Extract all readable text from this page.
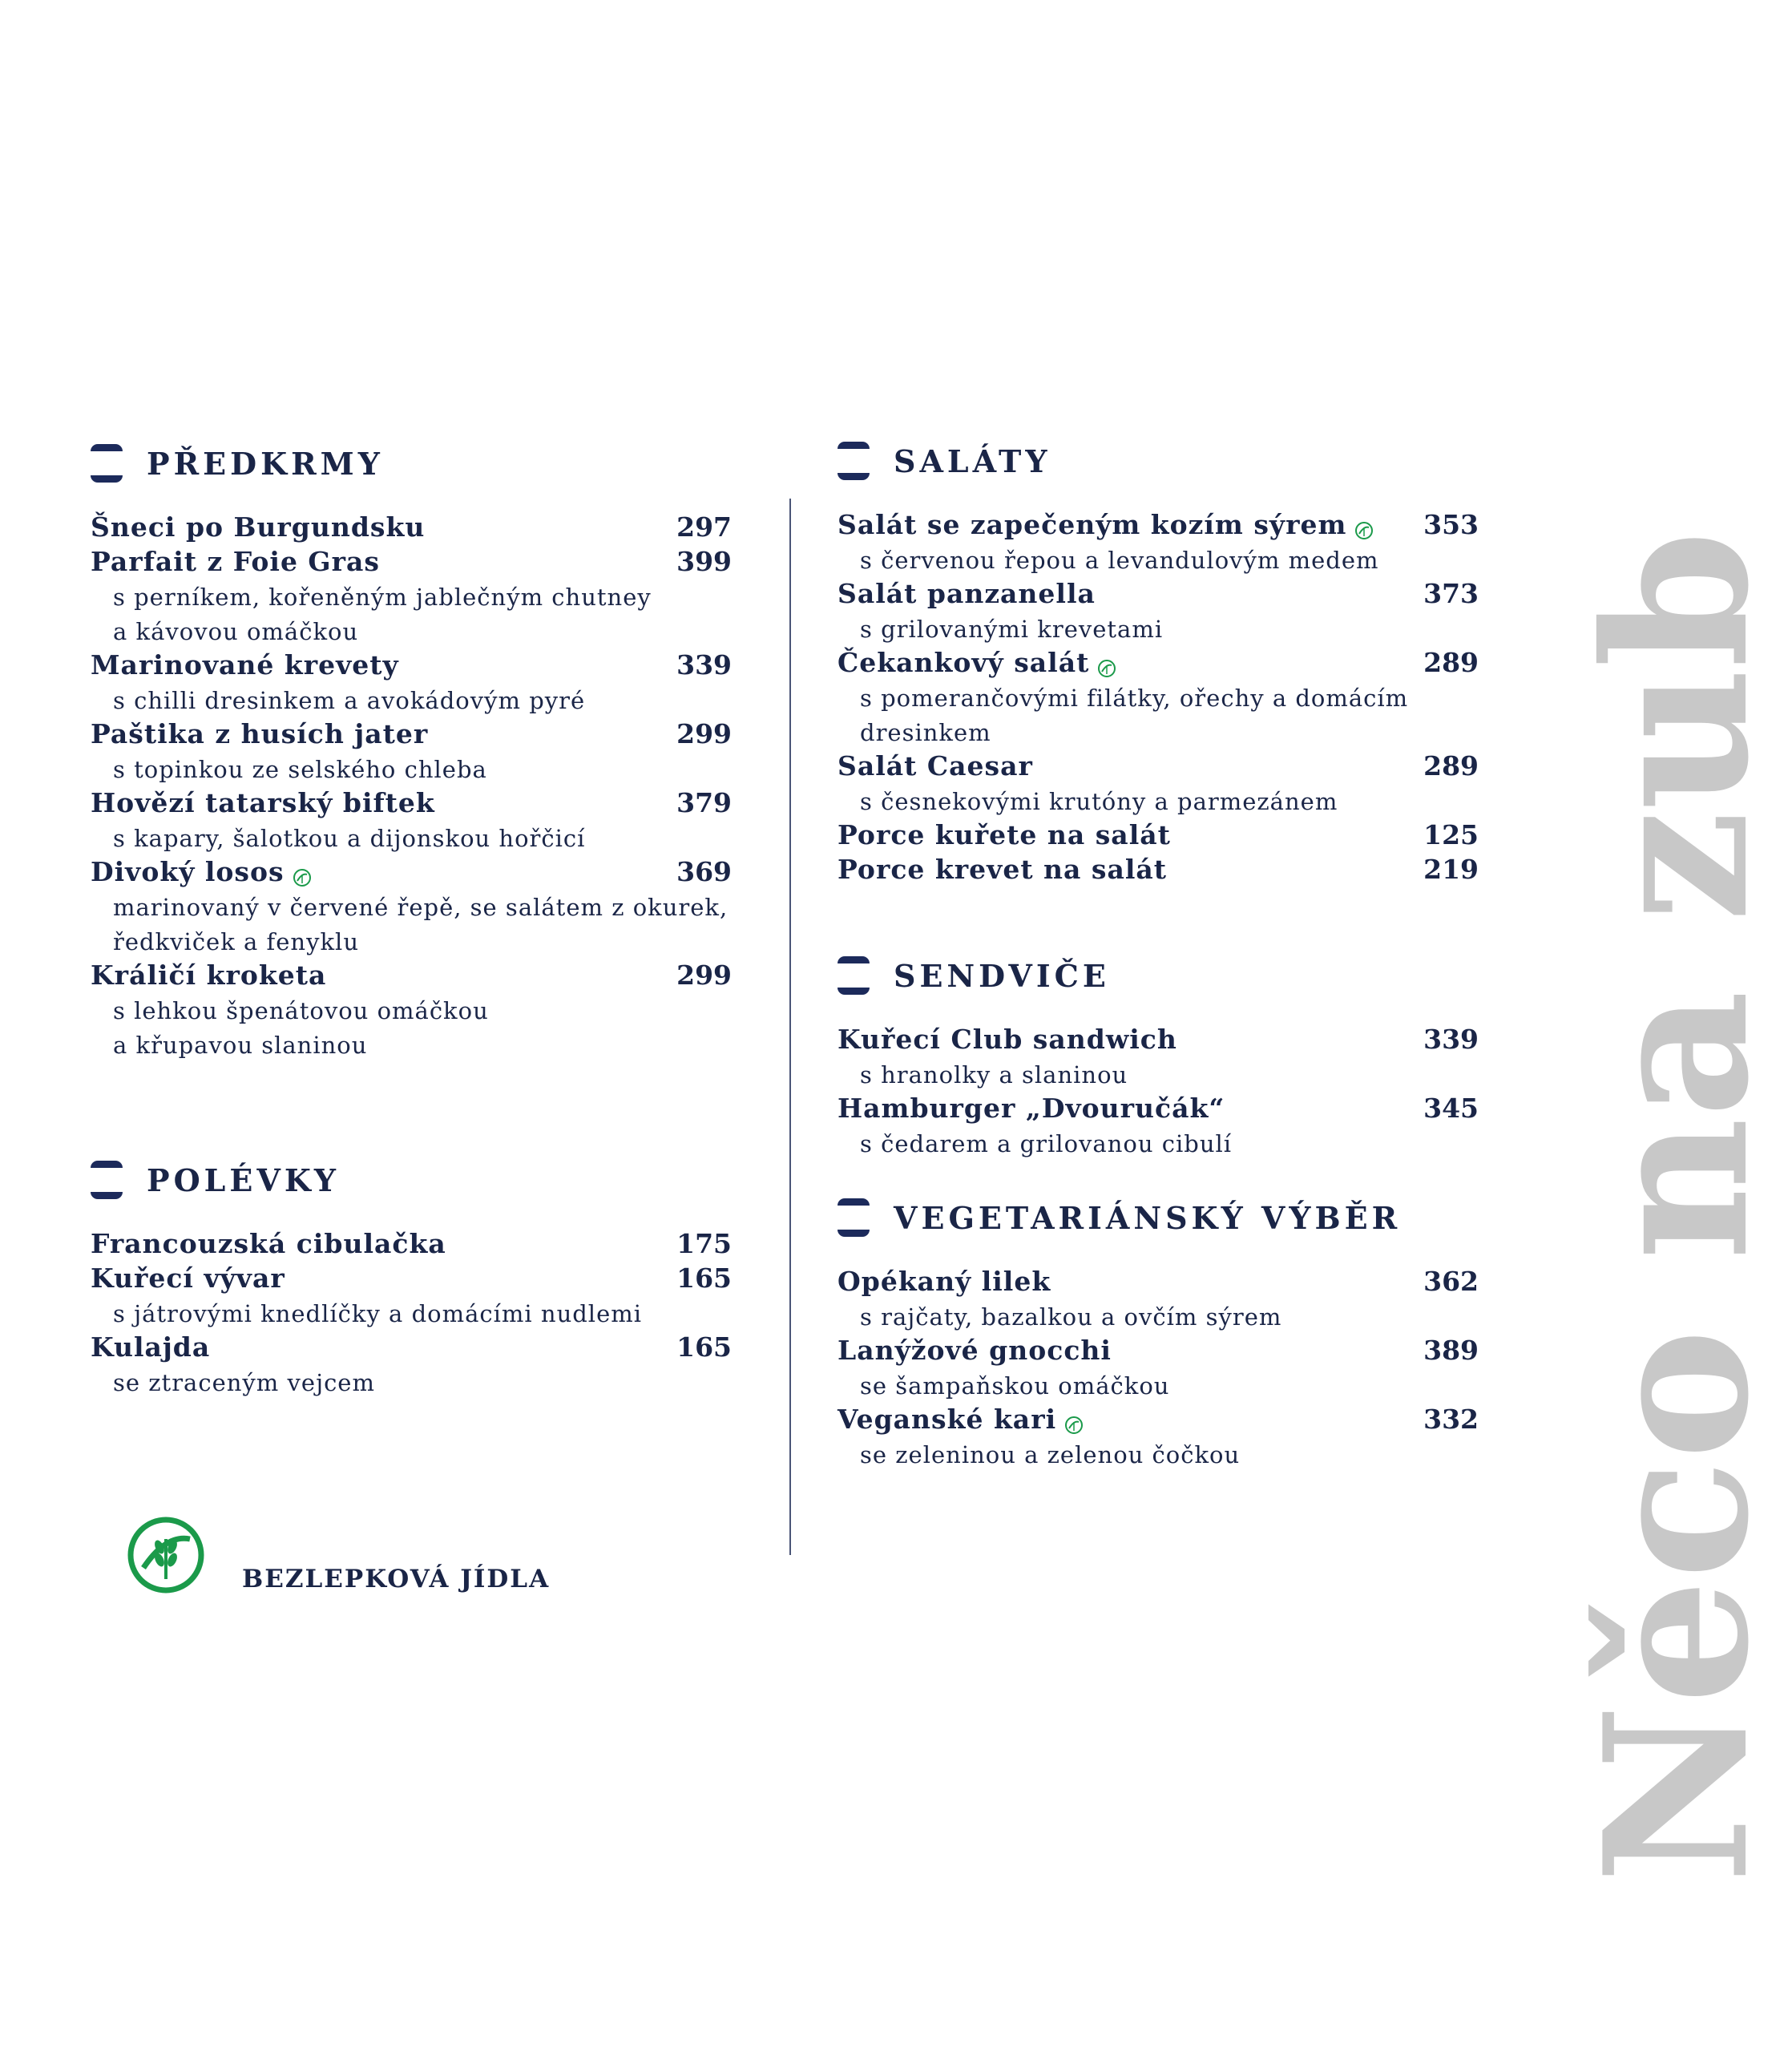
Něco na zub
PŘEDKRMY
Šneci po Burgundsku	297
Parfait z Foie Gras	399
s perníkem, kořeněným jablečným chutney
a kávovou omáčkou
Marinované krevety	339
s chilli dresinkem a avokádovým pyré
Paštika z husích jater	299
s topinkou ze selského chleba
Hovězí tatarský biftek	379
s kapary, šalotkou a dijonskou hořčicí
Divoký losos	369
marinovaný v červené řepě, se salátem z okurek,
ředkviček a fenyklu
Králičí kroketa	299
s lehkou špenátovou omáčkou
a křupavou slaninou
POLÉVKY
Francouzská cibulačka	175
Kuřecí vývar	165
s játrovými knedlíčky a domácími nudlemi
Kulajda	165
se ztraceným vejcem
SALÁTY
Salát se zapečeným kozím sýrem	353
s červenou řepou a levandulovým medem
Salát panzanella	373
s grilovanými krevetami
Čekankový salát	289
s pomerančovými filátky, ořechy a domácím
dresinkem
Salát Caesar	289
s česnekovými krutóny a parmezánem
Porce kuřete na salát	125
Porce krevet na salát	219
SENDVIČE
Kuřecí Club sandwich	339
s hranolky a slaninou
Hamburger „Dvouručák“	345
s čedarem a grilovanou cibulí
VEGETARIÁNSKÝ VÝBĚR
Opékaný lilek	362
s rajčaty, bazalkou a ovčím sýrem
Lanýžové gnocchi	389
se šampaňskou omáčkou
Veganské kari	332
se zeleninou a zelenou čočkou
BEZLEPKOVÁ JÍDLA
